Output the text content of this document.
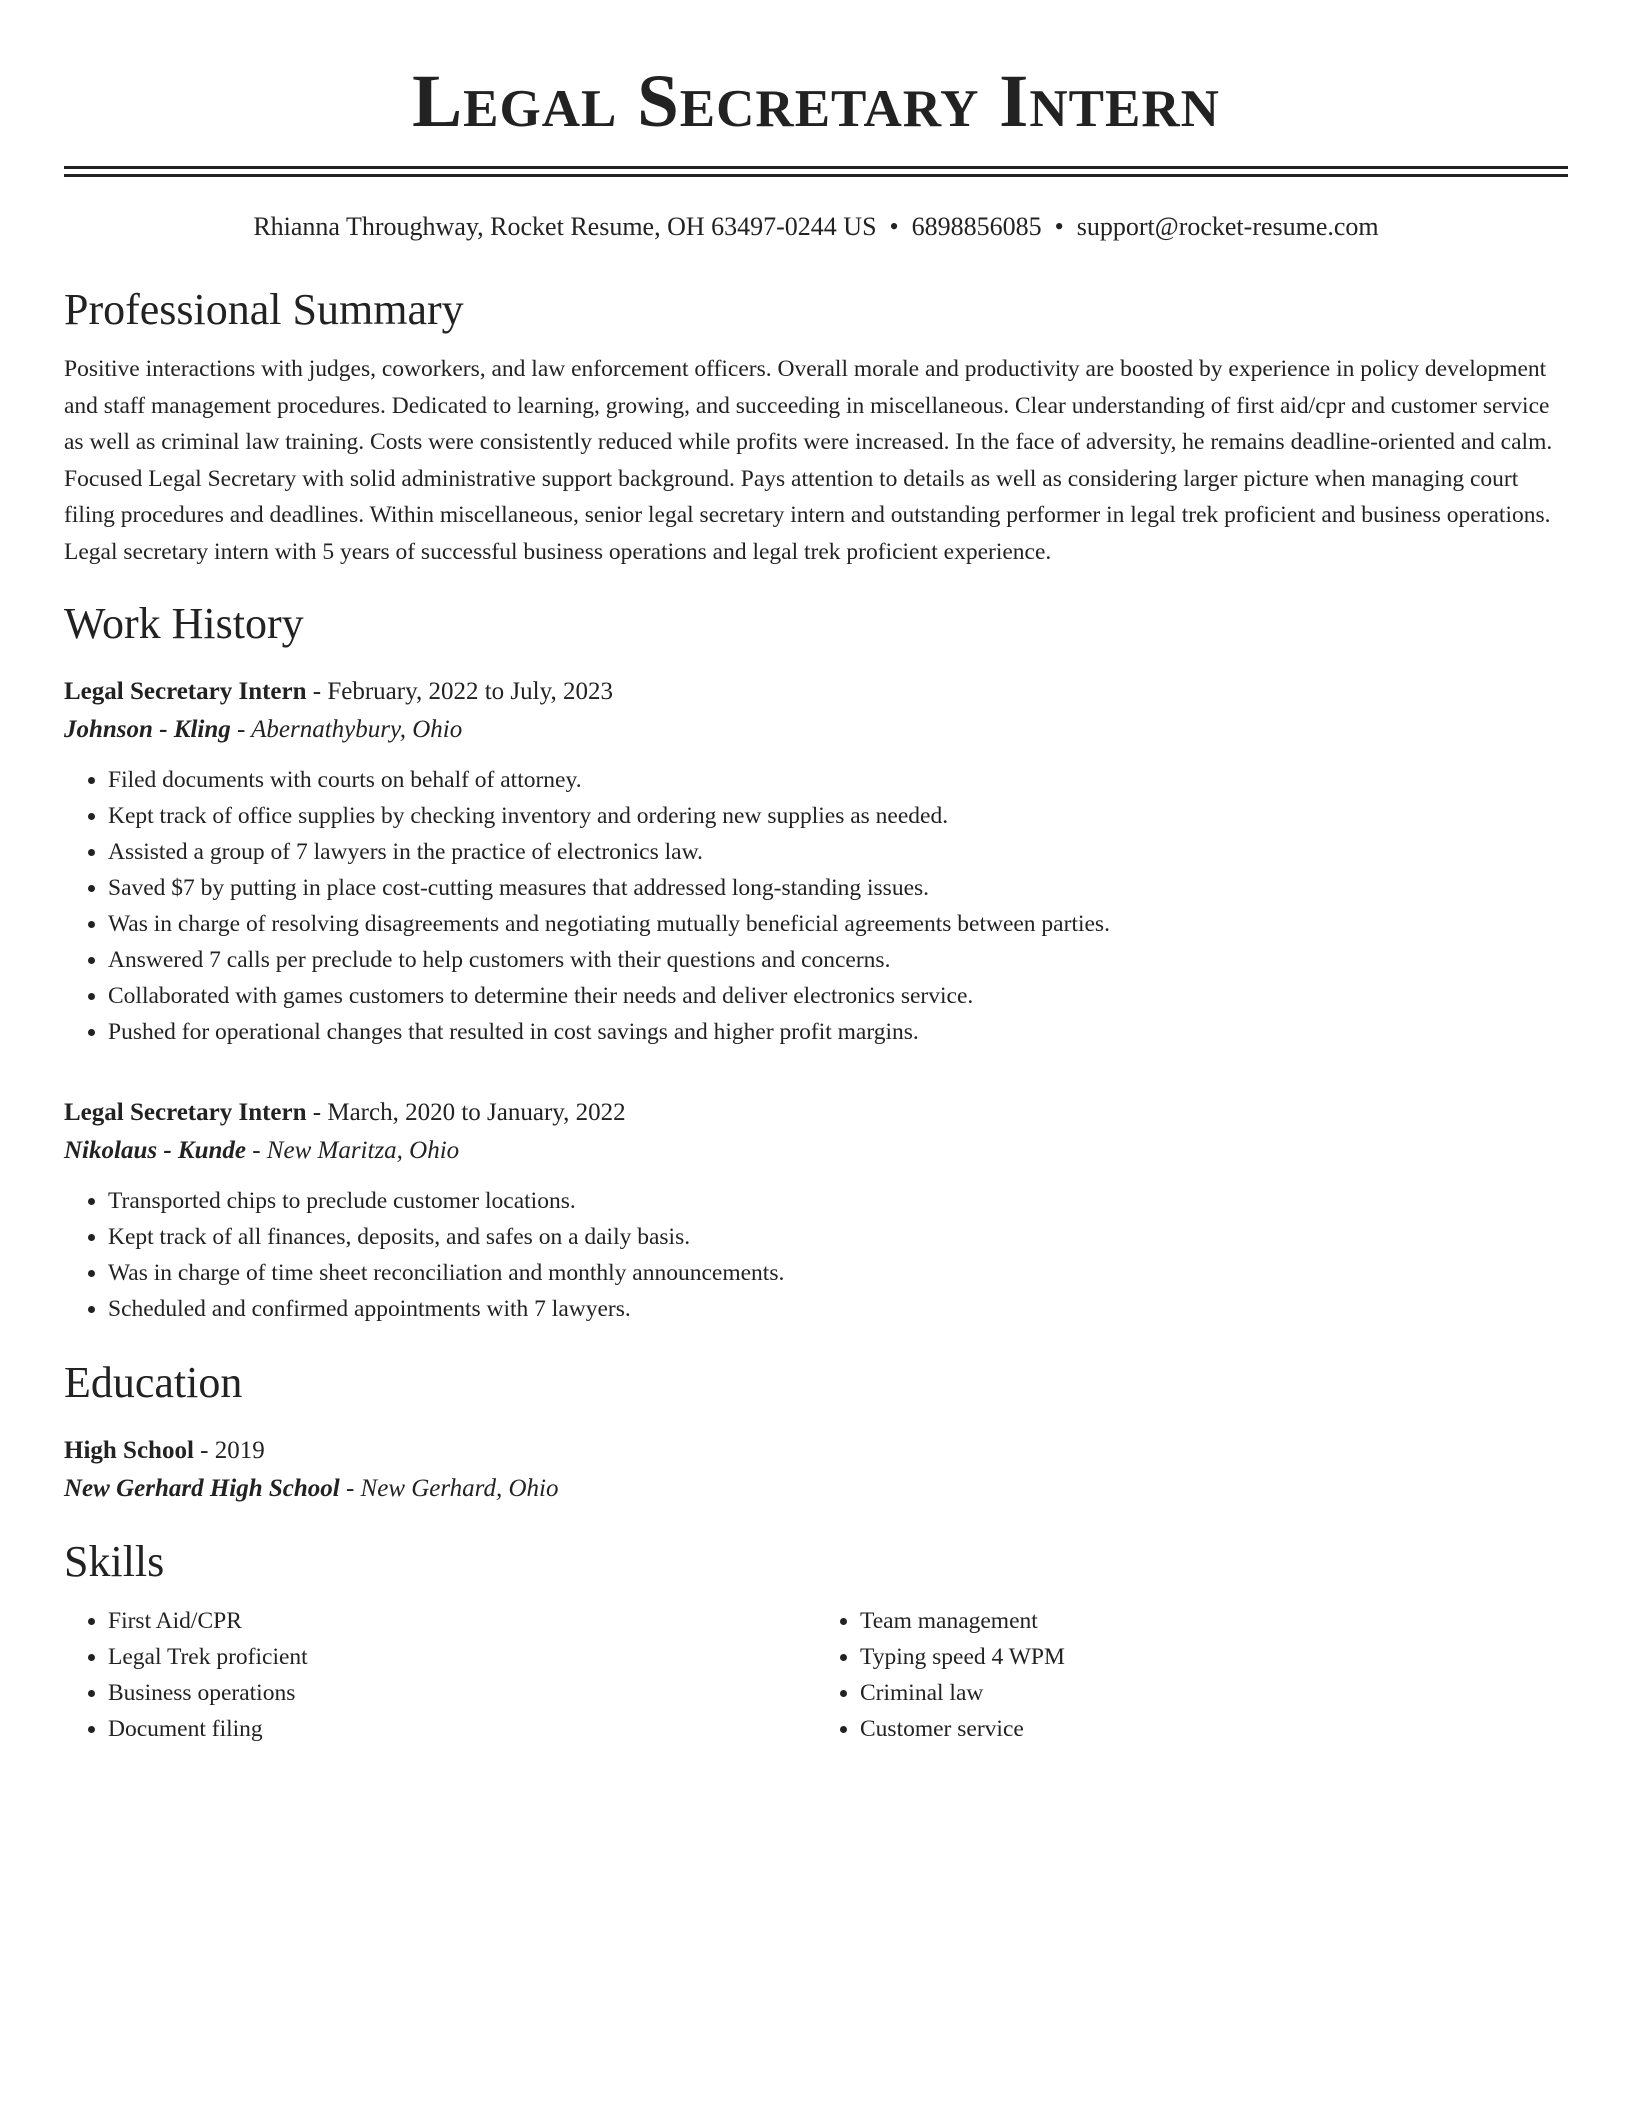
Legal Secretary Intern
Rhianna Throughway, Rocket Resume, OH 63497-0244 US • 6898856085 • support@rocket-resume.com
Professional Summary

Positive interactions with judges, coworkers, and law enforcement officers. Overall morale and productivity are boosted by experience in policy development and staff management procedures. Dedicated to learning, growing, and succeeding in miscellaneous. Clear understanding of first aid/cpr and customer service as well as criminal law training. Costs were consistently reduced while profits were increased. In the face of adversity, he remains deadline-oriented and calm. Focused Legal Secretary with solid administrative support background. Pays attention to details as well as considering larger picture when managing court filing procedures and deadlines. Within miscellaneous, senior legal secretary intern and outstanding performer in legal trek proficient and business operations. Legal secretary intern with 5 years of successful business operations and legal trek proficient experience.

Work History
Legal Secretary Intern - February, 2022 to July, 2023
Johnson - Kling - Abernathybury, Ohio
• Filed documents with courts on behalf of attorney.
• Kept track of office supplies by checking inventory and ordering new supplies as needed.
• Assisted a group of 7 lawyers in the practice of electronics law.
• Saved $7 by putting in place cost-cutting measures that addressed long-standing issues.
• Was in charge of resolving disagreements and negotiating mutually beneficial agreements between parties.
• Answered 7 calls per preclude to help customers with their questions and concerns.
• Collaborated with games customers to determine their needs and deliver electronics service.
• Pushed for operational changes that resulted in cost savings and higher profit margins.
Legal Secretary Intern - March, 2020 to January, 2022
Nikolaus - Kunde - New Maritza, Ohio
• Transported chips to preclude customer locations.
• Kept track of all finances, deposits, and safes on a daily basis.
• Was in charge of time sheet reconciliation and monthly announcements.
• Scheduled and confirmed appointments with 7 lawyers.
Education
High School - 2019
New Gerhard High School - New Gerhard, Ohio
Skills
• First Aid/CPR
• Legal Trek proficient
• Business operations
• Document filing
• Team management
• Typing speed 4 WPM
• Criminal law
• Customer service
